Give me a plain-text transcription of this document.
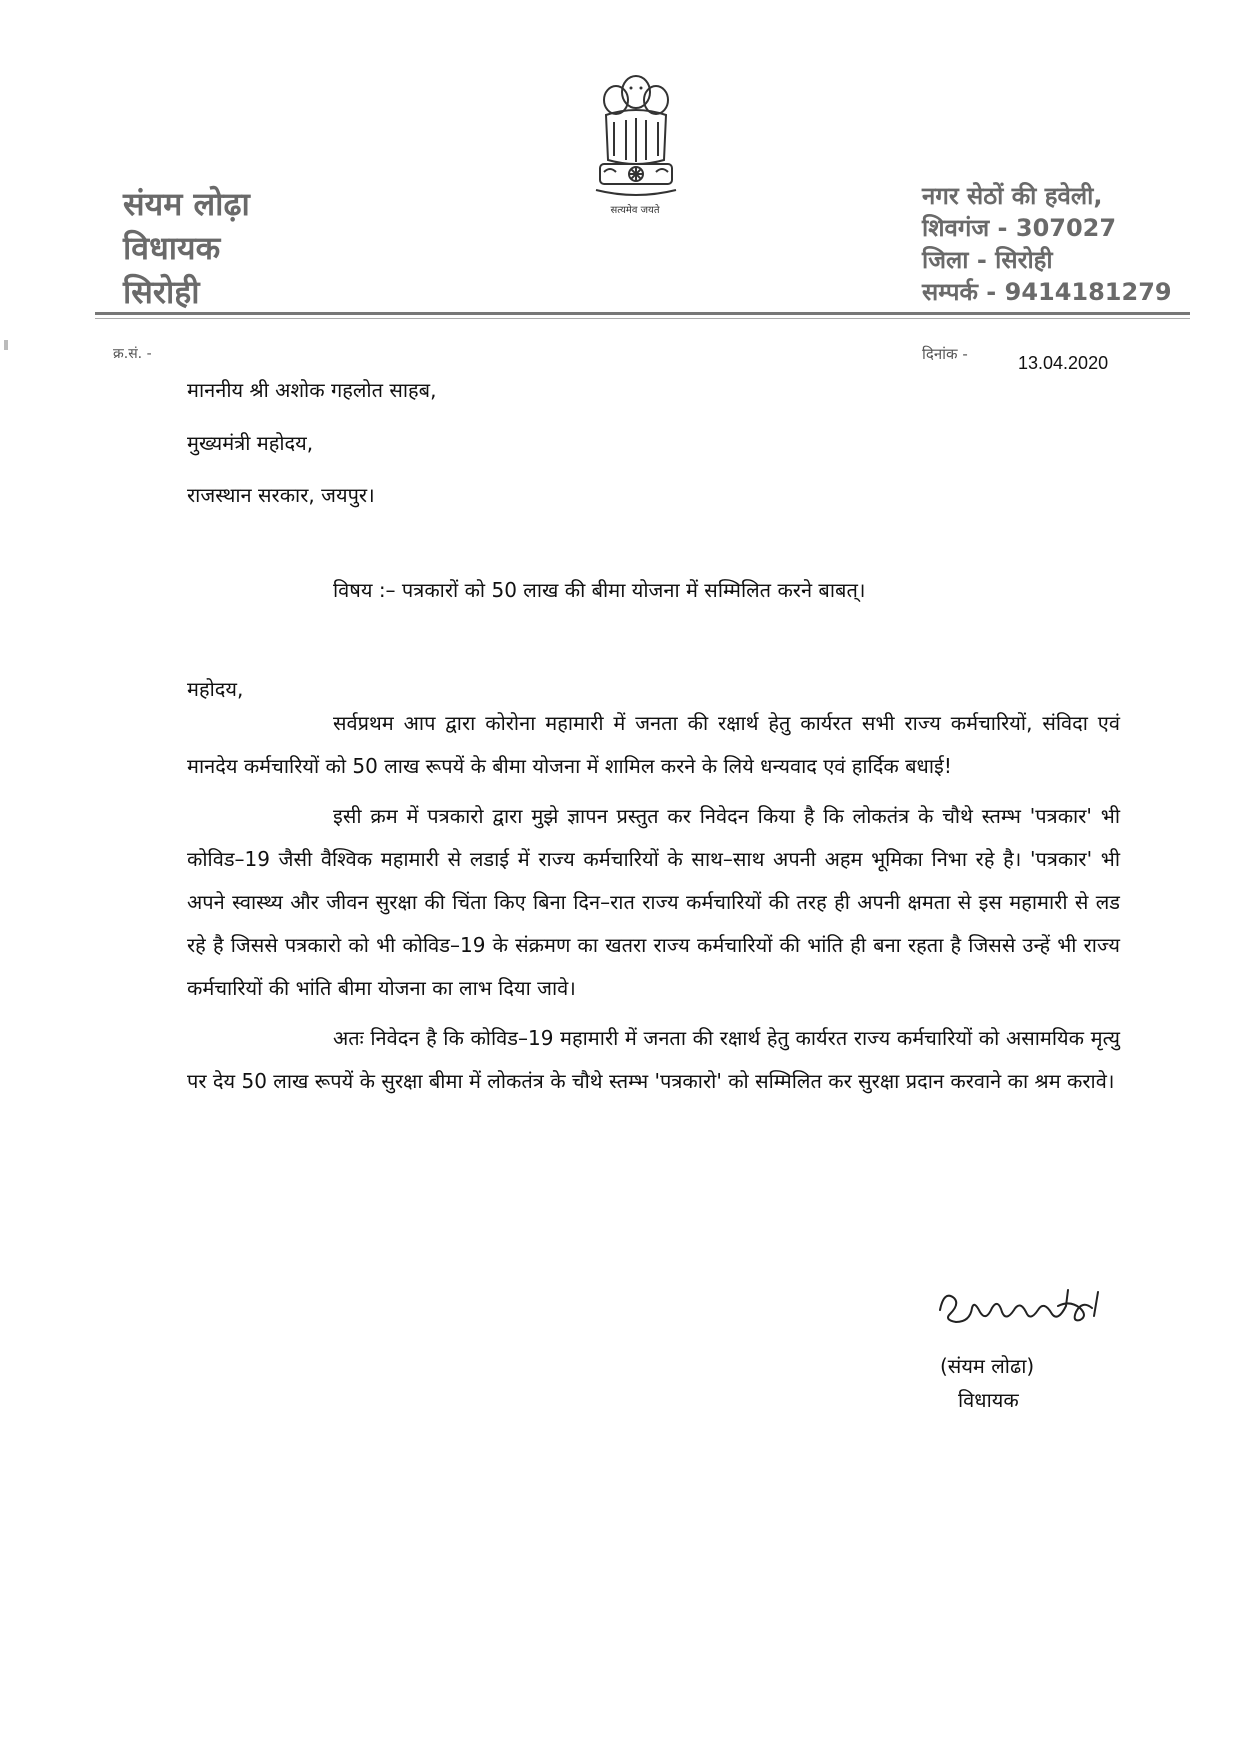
संयम लोढ़ा
विधायक
सिरोही
सत्यमेव जयते
नगर सेठों की हवेली,
शिवगंज - 307027
जिला - सिरोही
सम्पर्क - 9414181279
क्र.सं. -	दिनांक -	13.04.2020
माननीय श्री अशोक गहलोत साहब,
मुख्यमंत्री महोदय,
राजस्थान सरकार, जयपुर।
विषय :– पत्रकारों को 50 लाख की बीमा योजना में सम्मिलित करने बाबत्।
महोदय,

सर्वप्रथम आप द्वारा कोरोना महामारी में जनता की रक्षार्थ हेतु कार्यरत सभी राज्य कर्मचारियों, संविदा एवं मानदेय कर्मचारियों को 50 लाख रूपयें के बीमा योजना में शामिल करने के लिये धन्यवाद एवं हार्दिक बधाई!

इसी क्रम में पत्रकारो द्वारा मुझे ज्ञापन प्रस्तुत कर निवेदन किया है कि लोकतंत्र के चौथे स्तम्भ 'पत्रकार' भी कोविड–19 जैसी वैश्विक महामारी से लडाई में राज्य कर्मचारियों के साथ–साथ अपनी अहम भूमिका निभा रहे है। 'पत्रकार' भी अपने स्वास्थ्य और जीवन सुरक्षा की चिंता किए बिना दिन–रात राज्य कर्मचारियों की तरह ही अपनी क्षमता से इस महामारी से लड रहे है जिससे पत्रकारो को भी कोविड–19 के संक्रमण का खतरा राज्य कर्मचारियों की भांति ही बना रहता है जिससे उन्हें भी राज्य कर्मचारियों की भांति बीमा योजना का लाभ दिया जावे।

अतः निवेदन है कि कोविड–19 महामारी में जनता की रक्षार्थ हेतु कार्यरत राज्य कर्मचारियों को असामयिक मृत्यु पर देय 50 लाख रूपयें के सुरक्षा बीमा में लोकतंत्र के चौथे स्तम्भ 'पत्रकारो' को सम्मिलित कर सुरक्षा प्रदान करवाने का श्रम करावे।

(संयम लोढा)
विधायक
